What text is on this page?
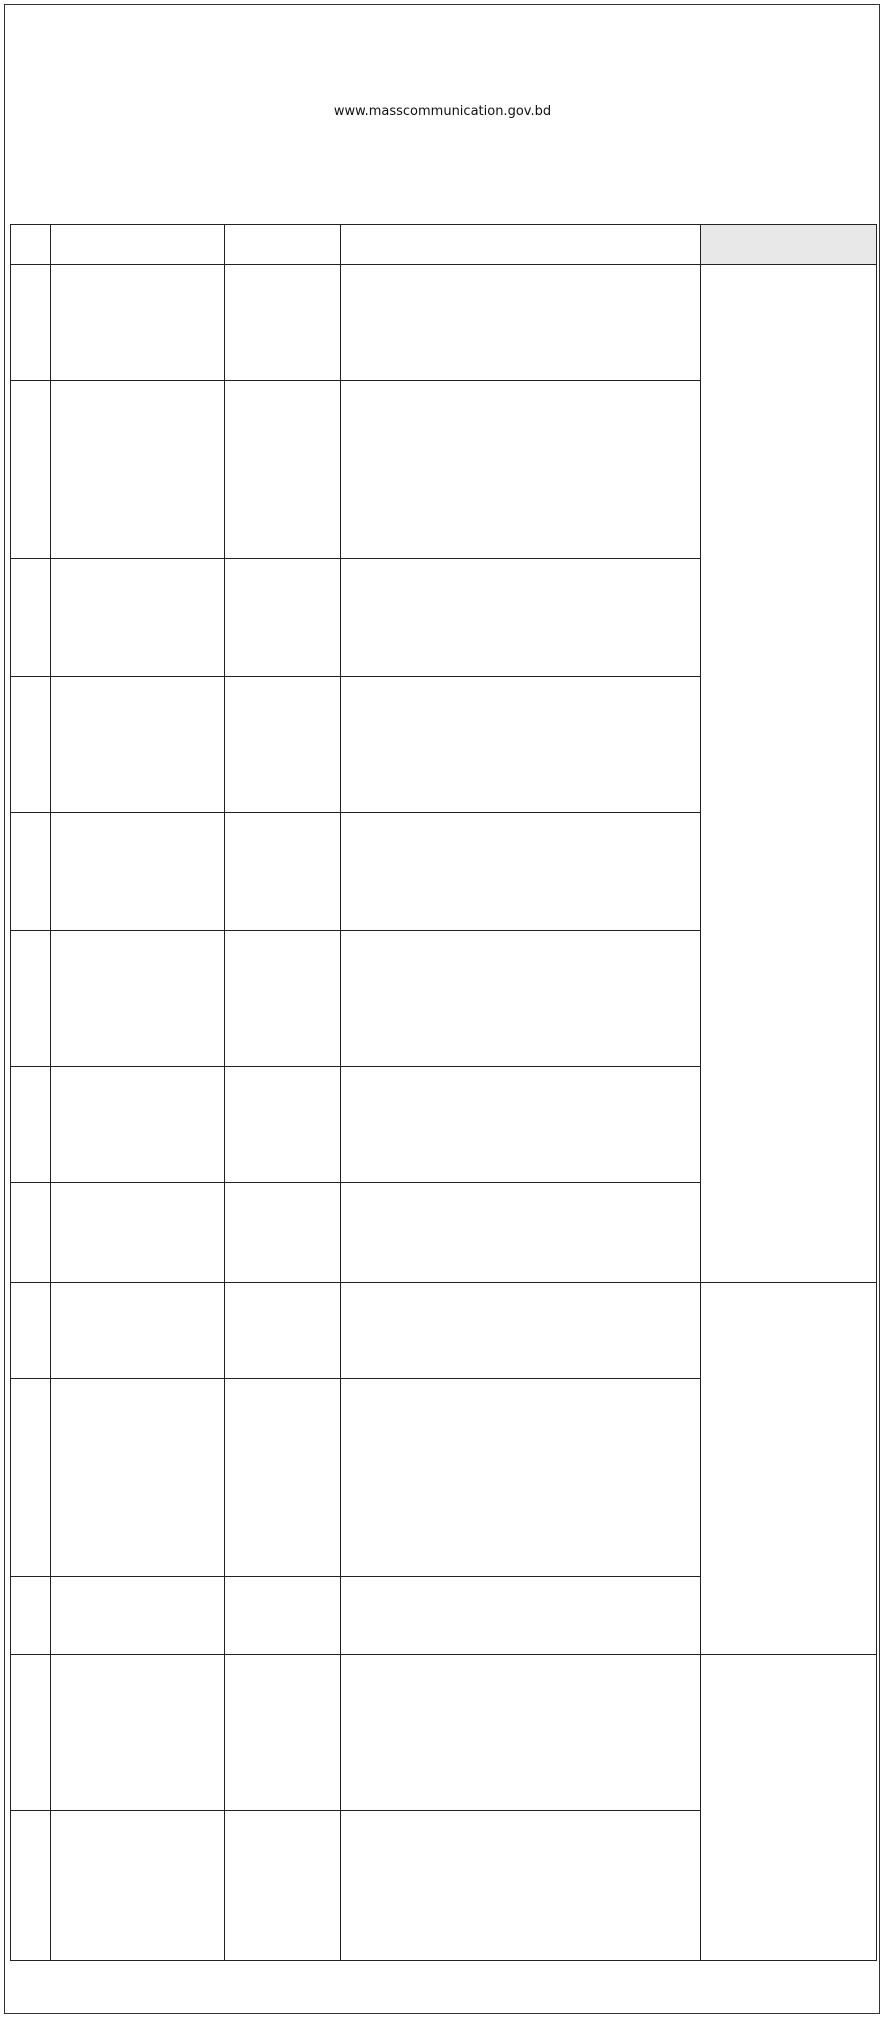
www.masscommunication.gov.bd
